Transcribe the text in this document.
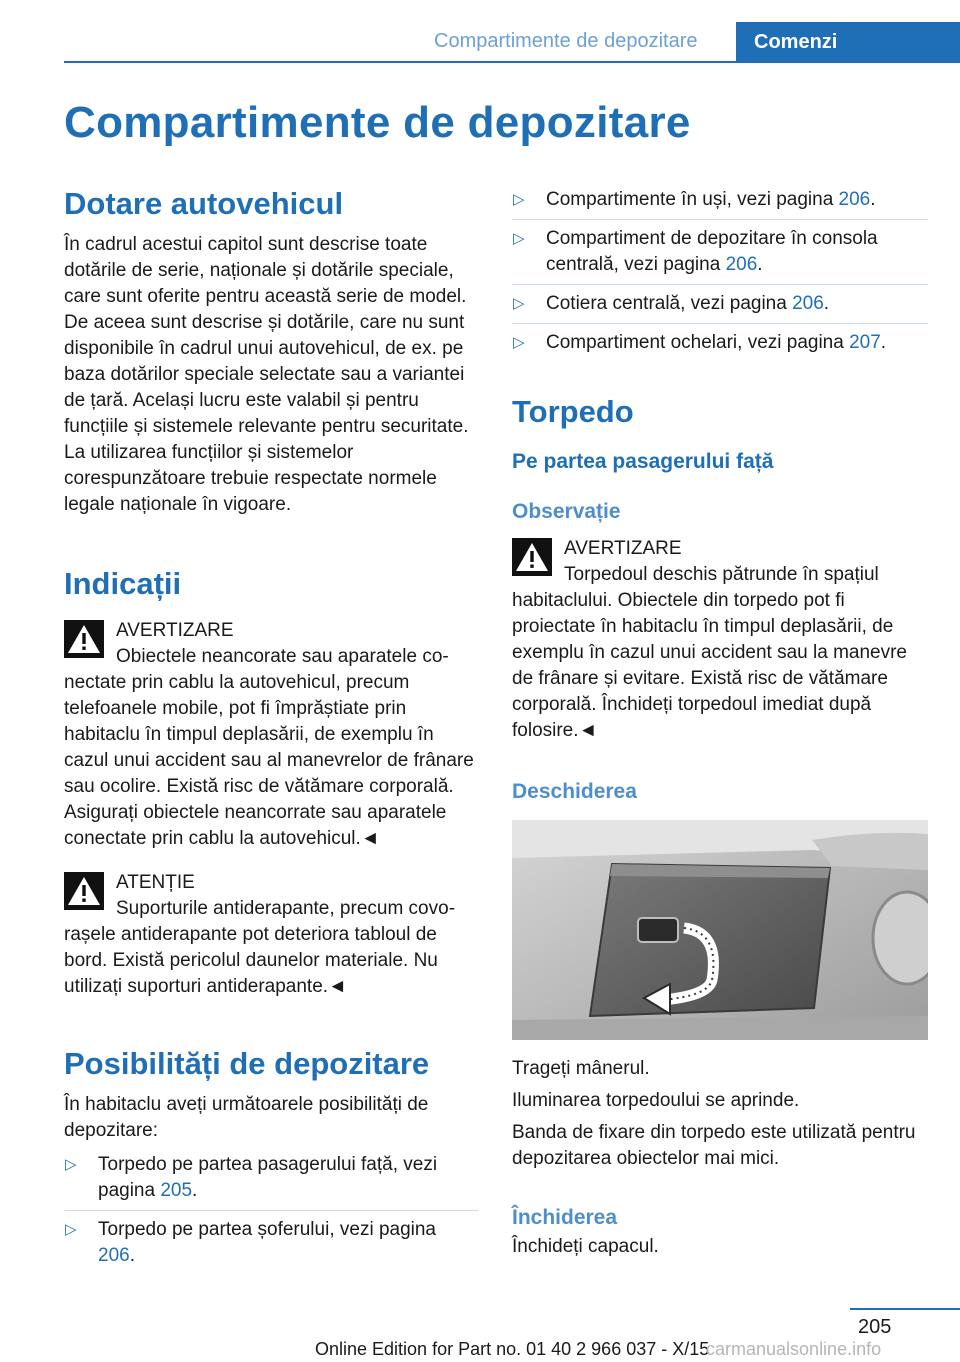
Compartimente de depozitare	Comenzi
Compartimente de depozitare
Dotare autovehicul

În cadrul acestui capitol sunt descrise toate dotările de serie, naționale și dotările speciale, care sunt oferite pentru această serie de model. De aceea sunt descrise și dotările, care nu sunt disponibile în cadrul unui autovehicul, de ex. pe baza dotărilor speciale selectate sau a variantei de țară. Același lucru este valabil și pentru funcțiile și sistemele relevante pentru securitate. La utilizarea funcțiilor și sistemelor corespunzătoare trebuie respectate normele legale naționale în vigoare.

Indicații

AVERTIZARE

Obiectele neancorate sau aparatele co-

nectate prin cablu la autovehicul, precum telefoanele mobile, pot fi împrăștiate prin habitaclu în timpul deplasării, de exemplu în cazul unui accident sau al manevrelor de frânare sau ocolire. Există risc de vătămare corporală. Asigurați obiectele neancorrate sau aparatele conectate prin cablu la autovehicul.◄

ATENȚIE

Suporturile antiderapante, precum covo-

rașele antiderapante pot deteriora tabloul de bord. Există pericolul daunelor materiale. Nu utilizați suporturi antiderapante.◄

Posibilități de depozitare

În habitaclu aveți următoarele posibilități de depozitare:

▷ Torpedo pe partea pasagerului față, vezi pagina 205.
▷ Torpedo pe partea șoferului, vezi pagina 206.
▷ Compartimente în uși, vezi pagina 206.
▷ Compartiment de depozitare în consola centrală, vezi pagina 206.
▷ Cotiera centrală, vezi pagina 206.
▷ Compartiment ochelari, vezi pagina 207.
Torpedo
Pe partea pasagerului față
Observație

AVERTIZARE

Torpedoul deschis pătrunde în spațiul

habitaclului. Obiectele din torpedo pot fi proiectate în habitaclu în timpul deplasării, de exemplu în cazul unui accident sau la manevre de frânare și evitare. Există risc de vătămare corporală. Închideți torpedoul imediat după folosire.◄

Deschiderea

Trageți mânerul.

Iluminarea torpedoului se aprinde.

Banda de fixare din torpedo este utilizată pentru depozitarea obiectelor mai mici.

Închiderea

Închideți capacul.

205
Online Edition for Part no. 01 40 2 966 037 - X/15
carmanualsonline.info
